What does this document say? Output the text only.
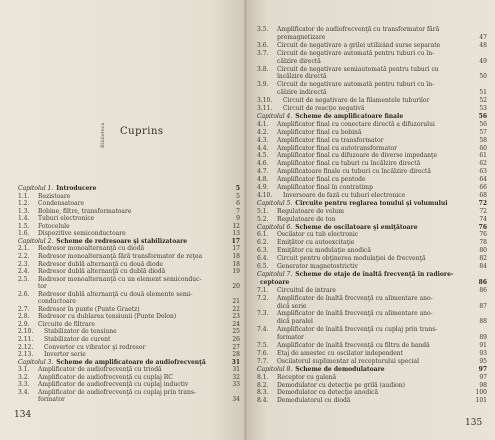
Cuprins
Biblioteca
Capitolul 1. Introducere	5
1.1. Rezistoare	5
1.2. Condensatoare	6
1.3. Bobine, filtre, transformatoare	7
1.4. Tuburi electronice	9
1.5. Fotocelule	12
1.6. Dispozitive semiconductoare	13
Capitolul 2. Scheme de redresoare şi stabilizatoare	17
2.1. Redresor monoalternanţă cu diodă	17
2.2. Redresor monoalternanţă fără transformator de reţea	18
2.3. Redresor dublă alternanţă cu două diode	18
2.4. Redresor dublă alternanţă cu dublă diodă	19
2.5. Redresor monoalternanţă cu un element semiconduc-
tor	20
2.6. Redresor dublă alternanţă cu două elemente semi-
conductoare	21
2.7. Redresor în punte (Punte Graetz)	22
2.8. Redresor cu dublarea tensiunii (Punte Delon)	23
2.9. Circuite de filtrare	24
2.10. Stabilizator de tensiune	25
2.11. Stabilizator de curent	26
2.12. Convertor cu vibrator şi redresor	27
2.13. Invertor serie	28
Capitolul 3. Scheme de amplificatoare de audiofrecvenţă	31
3.1. Amplificator de audiofrecvenţă cu triodă	31
3.2. Amplificator de audiofrecvenţă cu cuplaj RC	32
3.3. Amplificator de audiofrecvenţă cu cuplaj inductiv	33
3.4. Amplificator de audiofrecvenţă cu cuplaj prin trans-
formator	34
134
3.5. Amplificator de audiofrecvenţă cu transformator fără
premagnetizare	47
3.6. Circuit de negativare a grilei utilizând surse separate	48
3.7. Circuit de negativare automată pentru tuburi cu în-
călzire directă	49
3.8. Circuit de negativare semiautomată pentru tuburi cu
încălzire directă	50
3.9. Circuit de negativare automată pentru tuburi cu în-
călzire indirectă	51
3.10. Circuit de negativare de la filamentele tuburilor	52
3.11. Circuit de reacţie negativă	53
Capitolul 4. Scheme de amplificatoare finale	56
4.1. Amplificator final cu conectare directă a difuzorului	56
4.2. Amplificator final cu bobină	57
4.3. Amplificator final cu transformator	58
4.4. Amplificator final cu autotransformator	60
4.5. Amplificator final cu difuzoare de diverse impedanţe	61
4.6. Amplificator final cu tuburi cu încălzire directă	62
4.7. Amplificatoare finale cu tuburi cu încălzire directă	63
4.8. Amplificator final cu pentode	64
4.9. Amplificator final în contratimp	66
4.10. Inversoare de fază cu tuburi electronice	68
Capitolul 5. Circuite pentru reglarea tonului şi volumului	72
5.1. Regulatoare de volum	72
5.2. Regulatoare de ton	74
Capitolul 6. Scheme de oscilatoare şi emiţătoare	76
6.1. Oscilator cu tub electronic	76
6.2. Emiţător cu autoexcitaţie	78
6.3. Emiţător cu modulaţie anodică	80
6.4. Circuit pentru obţinerea modulaţiei de frecvenţă	82
6.5. Generator magnetostrictiv	84
Capitolul 7. Scheme de etaje de înaltă frecvenţă în radiore-
ceptoare	86
7.1. Circuitul de intrare	86
7.2. Amplificator de înaltă frecvenţă cu alimentare ano-
dică serie	87
7.3. Amplificator de înaltă frecvenţă cu alimentare ano-
dică paralel	88
7.4. Amplificator de înaltă frecvenţă cu cuplaj prin trans-
formator	89
7.5. Amplificator de înaltă frecvenţă cu filtru de bandă	91
7.6. Etaj de amestec cu oscilator independent	93
7.7. Oscilatorul suplimentar al receptorului special	95
Capitolul 8. Scheme de demodulatoare	97
8.1. Receptor cu galenă	97
8.2. Demodulator cu detecţie pe grilă (audion)	98
8.3. Demodulator cu detecţie anodică	100
8.4. Demodulatorul cu diodă	101
135
